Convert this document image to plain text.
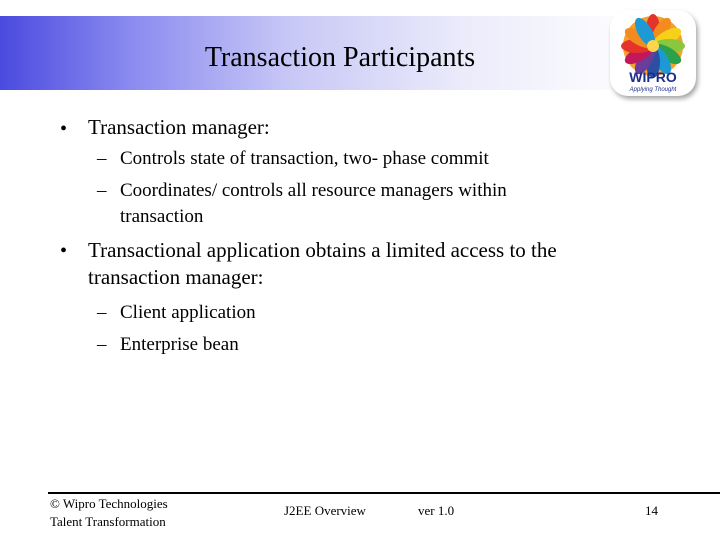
Transaction Participants
WIPRO
Applying Thought
• Transaction manager:
– Controls state of transaction, two- phase commit
– Coordinates/ controls all resource managers within transaction
• Transactional application obtains a limited access to the transaction manager:
– Client application
– Enterprise bean
© Wipro Technologies
Talent Transformation
J2EE Overview	ver 1.0	14
